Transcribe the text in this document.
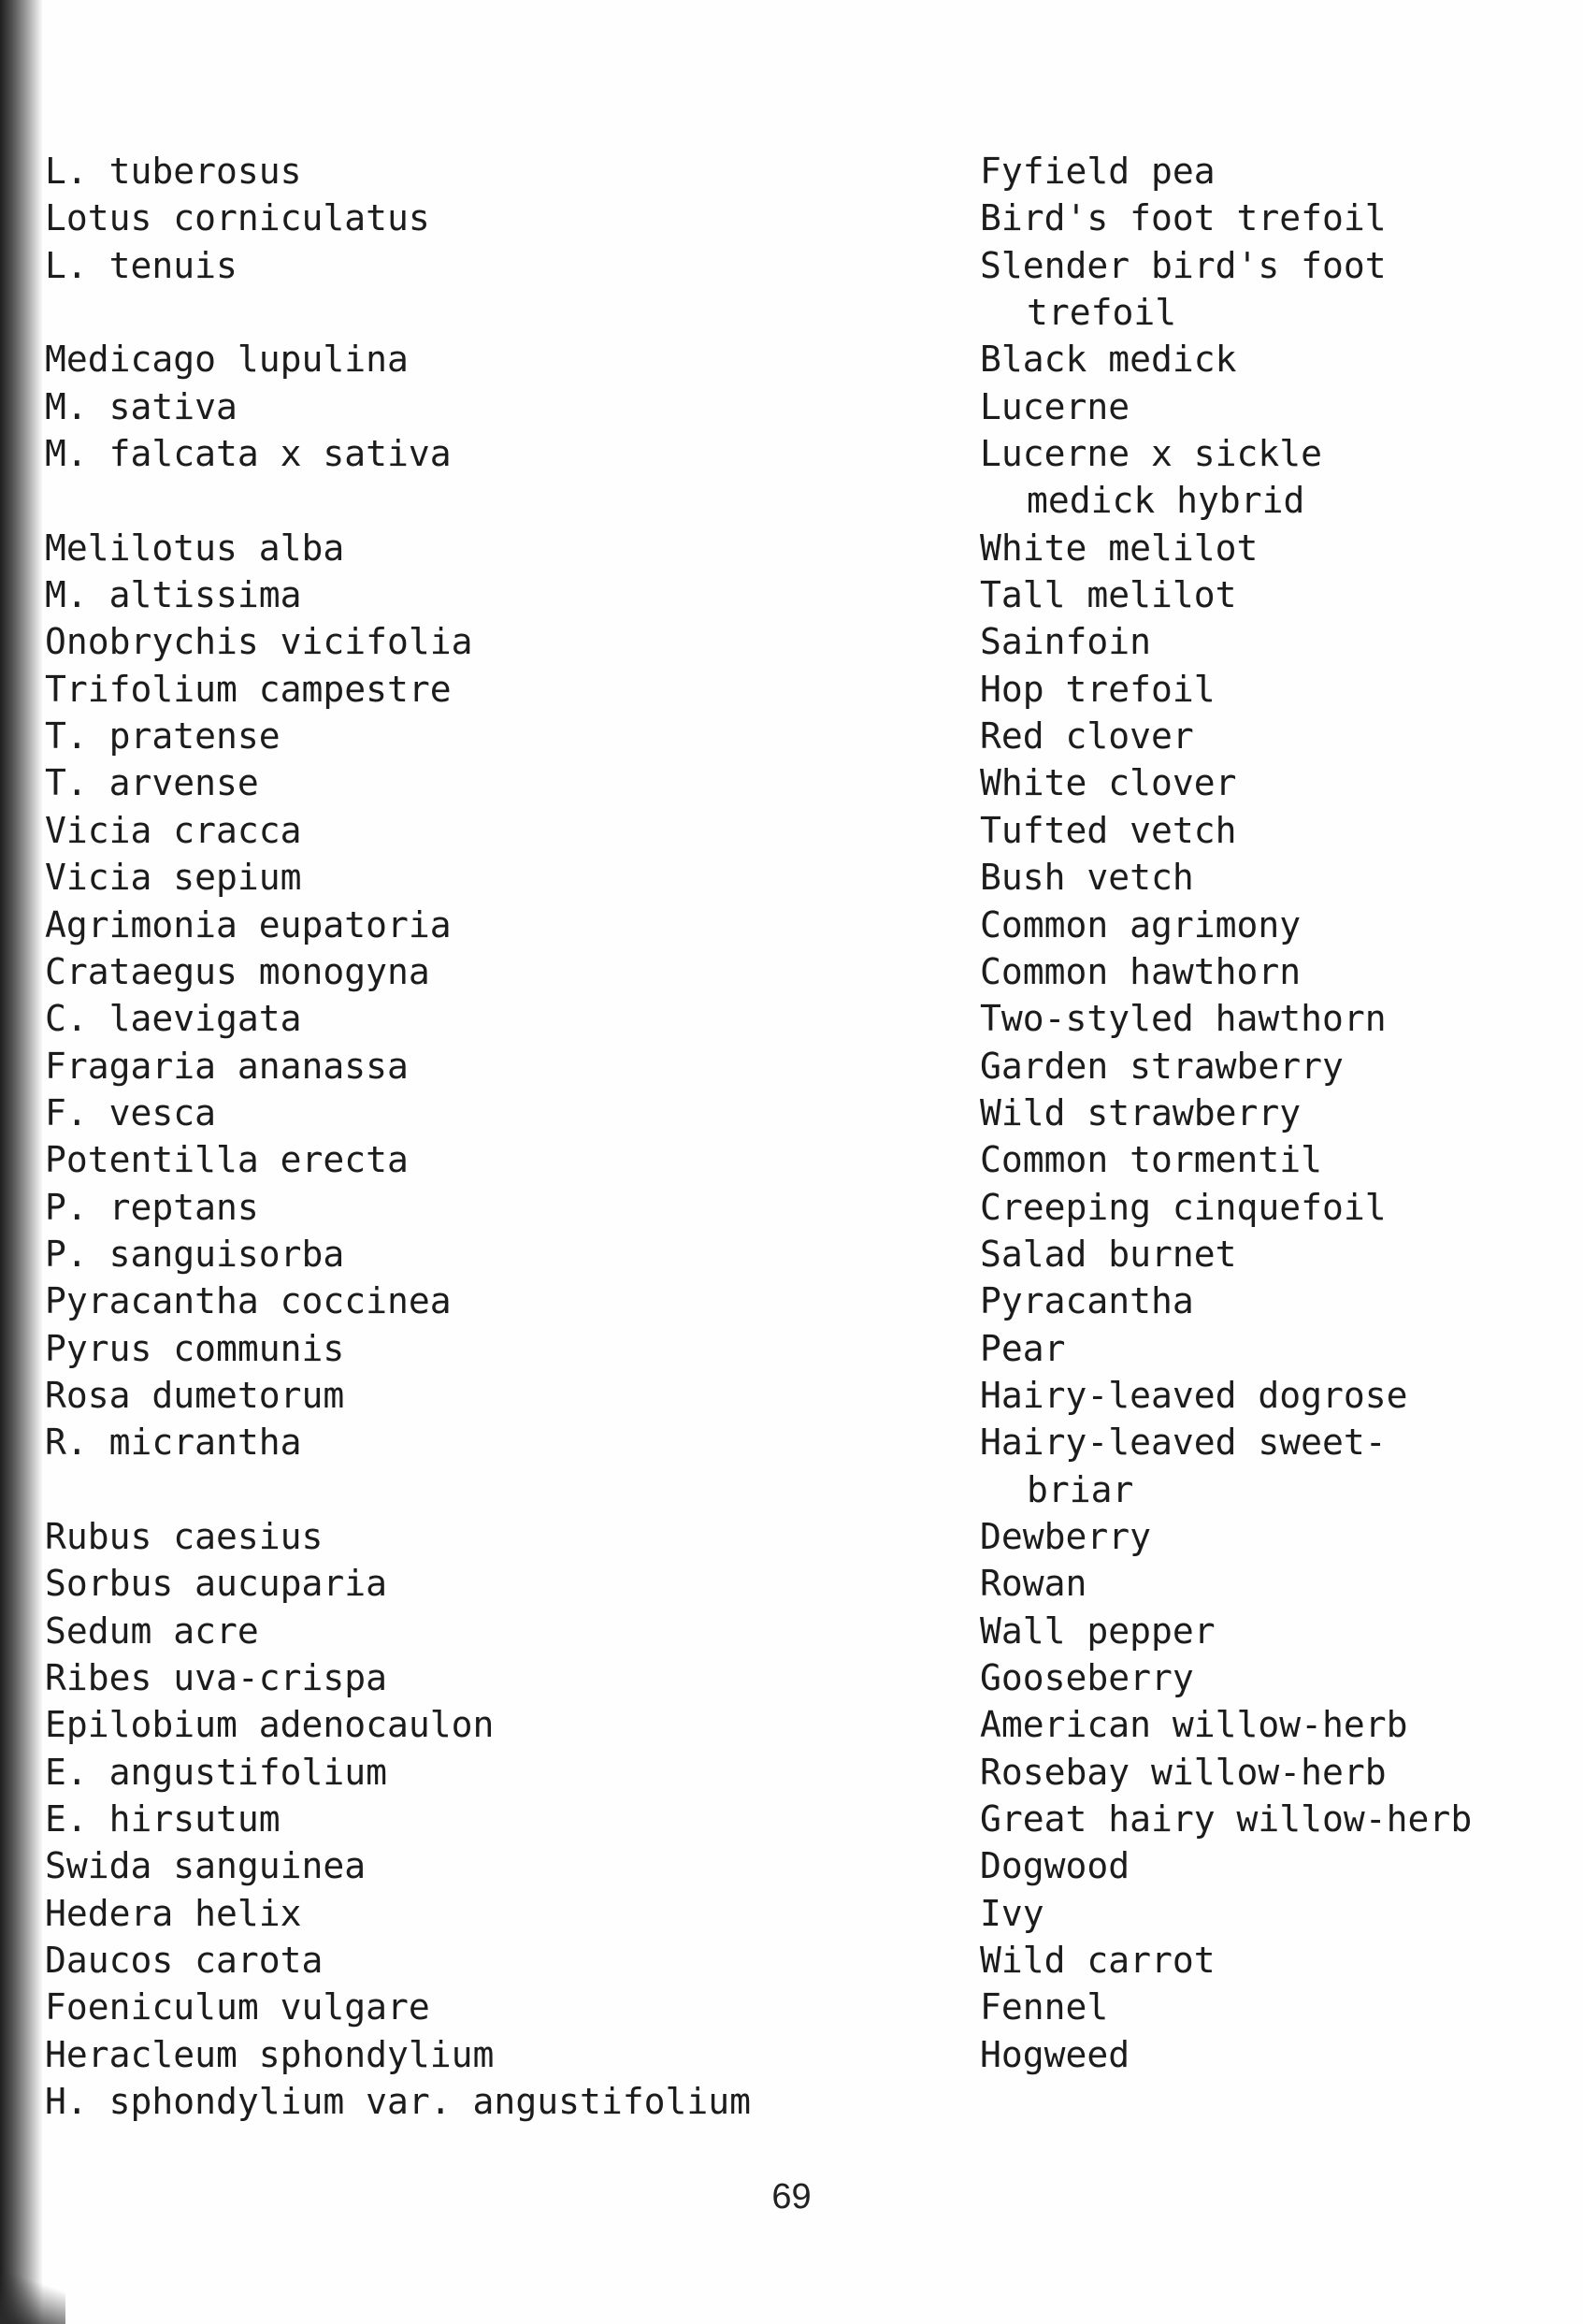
L. tuberosus
Lotus corniculatus
L. tenuis
Medicago lupulina
M. sativa
M. falcata x sativa
Melilotus alba
M. altissima
Onobrychis vicifolia
Trifolium campestre
T. pratense
T. arvense
Vicia cracca
Vicia sepium
Agrimonia eupatoria
Crataegus monogyna
C. laevigata
Fragaria ananassa
F. vesca
Potentilla erecta
P. reptans
P. sanguisorba
Pyracantha coccinea
Pyrus communis
Rosa dumetorum
R. micrantha
Rubus caesius
Sorbus aucuparia
Sedum acre
Ribes uva-crispa
Epilobium adenocaulon
E. angustifolium
E. hirsutum
Swida sanguinea
Hedera helix
Daucos carota
Foeniculum vulgare
Heracleum sphondylium
H. sphondylium var. angustifolium
Fyfield pea
Bird's foot trefoil
Slender bird's foot
trefoil
Black medick
Lucerne
Lucerne x sickle
medick hybrid
White melilot
Tall melilot
Sainfoin
Hop trefoil
Red clover
White clover
Tufted vetch
Bush vetch
Common agrimony
Common hawthorn
Two-styled hawthorn
Garden strawberry
Wild strawberry
Common tormentil
Creeping cinquefoil
Salad burnet
Pyracantha
Pear
Hairy-leaved dogrose
Hairy-leaved sweet-
briar
Dewberry
Rowan
Wall pepper
Gooseberry
American willow-herb
Rosebay willow-herb
Great hairy willow-herb
Dogwood
Ivy
Wild carrot
Fennel
Hogweed
69
